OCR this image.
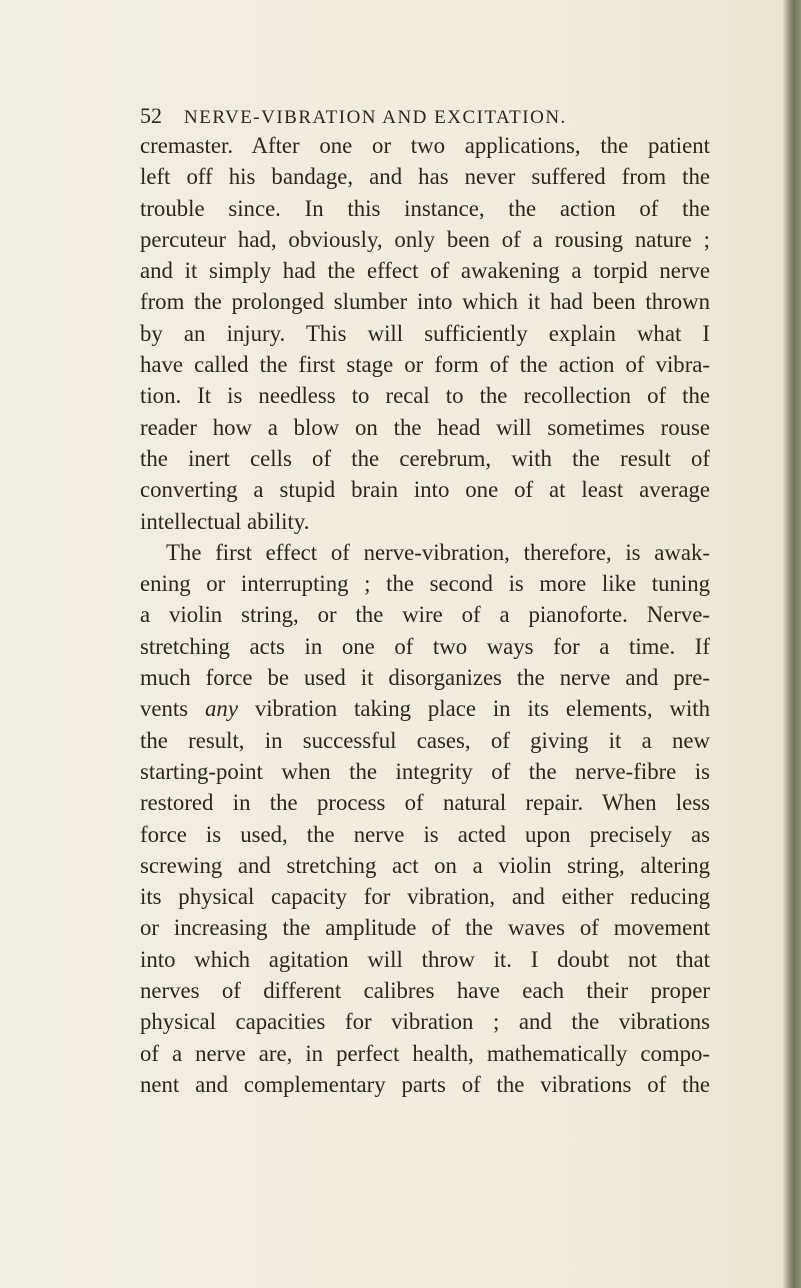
52 NERVE-VIBRATION AND EXCITATION.
cremaster. After one or two applications, the patient
left off his bandage, and has never suffered from the
trouble since. In this instance, the action of the
percuteur had, obviously, only been of a rousing nature ;
and it simply had the effect of awakening a torpid nerve
from the prolonged slumber into which it had been thrown
by an injury. This will sufficiently explain what I
have called the first stage or form of the action of vibra-
tion. It is needless to recal to the recollection of the
reader how a blow on the head will sometimes rouse
the inert cells of the cerebrum, with the result of
converting a stupid brain into one of at least average
intellectual ability.
The first effect of nerve-vibration, therefore, is awak-
ening or interrupting ; the second is more like tuning
a violin string, or the wire of a pianoforte. Nerve-
stretching acts in one of two ways for a time. If
much force be used it disorganizes the nerve and pre-
vents any vibration taking place in its elements, with
the result, in successful cases, of giving it a new
starting-point when the integrity of the nerve-fibre is
restored in the process of natural repair. When less
force is used, the nerve is acted upon precisely as
screwing and stretching act on a violin string, altering
its physical capacity for vibration, and either reducing
or increasing the amplitude of the waves of movement
into which agitation will throw it. I doubt not that
nerves of different calibres have each their proper
physical capacities for vibration ; and the vibrations
of a nerve are, in perfect health, mathematically compo-
nent and complementary parts of the vibrations of the
